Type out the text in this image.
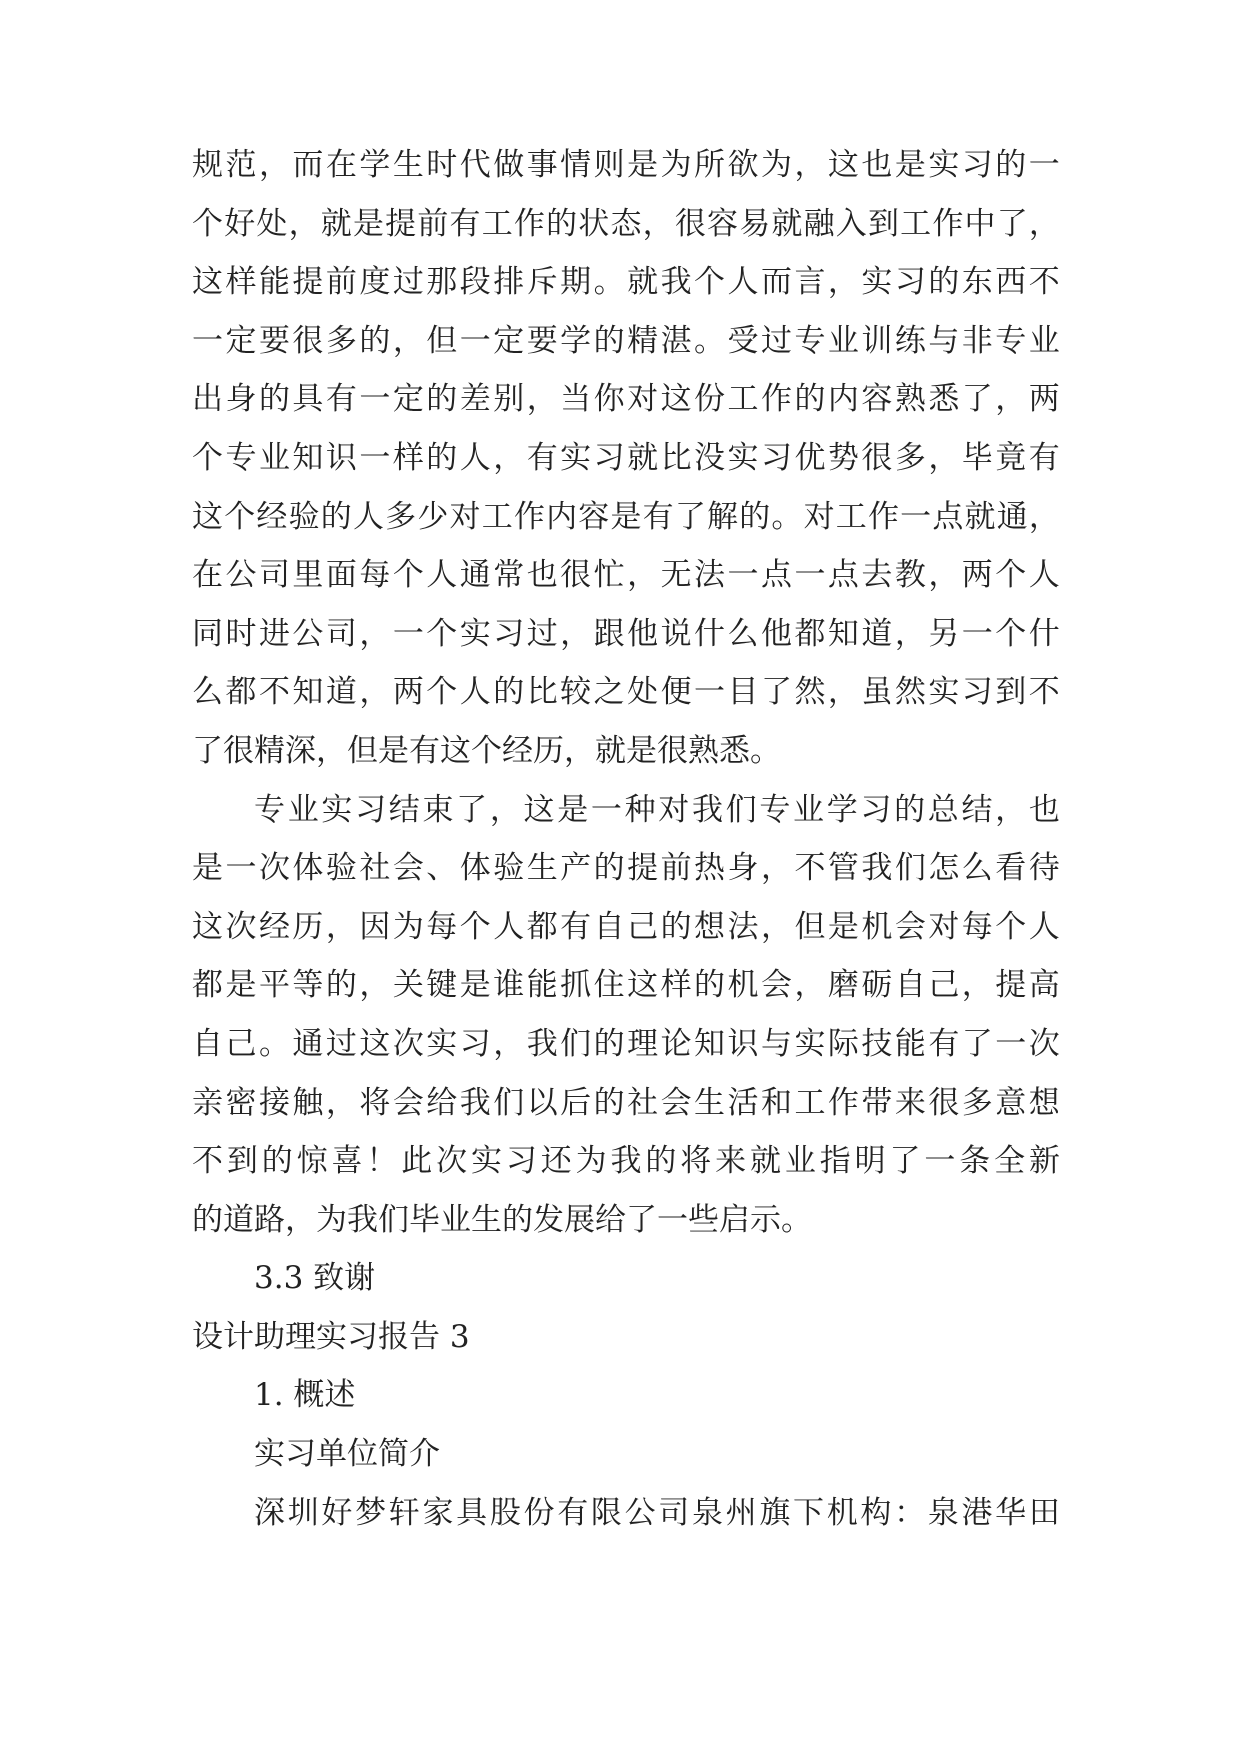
规 范 ， 而 在 学 生 时 代 做 事 情 则 是 为 所 欲 为 ， 这 也 是 实 习 的 一
个 好 处 ， 就 是 提 前 有 工 作 的 状 态 ， 很 容 易 就 融 入 到 工 作 中 了 ，
这 样 能 提 前 度 过 那 段 排 斥 期 。 就 我 个 人 而 言 ， 实 习 的 东 西 不
一 定 要 很 多 的 ， 但 一 定 要 学 的 精 湛 。 受 过 专 业 训 练 与 非 专 业
出 身 的 具 有 一 定 的 差 别 ， 当 你 对 这 份 工 作 的 内 容 熟 悉 了 ， 两
个 专 业 知 识 一 样 的 人 ， 有 实 习 就 比 没 实 习 优 势 很 多 ， 毕 竟 有
这 个 经 验 的 人 多 少 对 工 作 内 容 是 有 了 解 的 。 对 工 作 一 点 就 通 ，
在 公 司 里 面 每 个 人 通 常 也 很 忙 ， 无 法 一 点 一 点 去 教 ， 两 个 人
同 时 进 公 司 ， 一 个 实 习 过 ， 跟 他 说 什 么 他 都 知 道 ， 另 一 个 什
么 都 不 知 道 ， 两 个 人 的 比 较 之 处 便 一 目 了 然 ， 虽 然 实 习 到 不
了很精深，但是有这个经历，就是很熟悉。
专 业 实 习 结 束 了 ， 这 是 一 种 对 我 们 专 业 学 习 的 总 结 ， 也
是 一 次 体 验 社 会 、 体 验 生 产 的 提 前 热 身 ， 不 管 我 们 怎 么 看 待
这 次 经 历 ， 因 为 每 个 人 都 有 自 己 的 想 法 ， 但 是 机 会 对 每 个 人
都 是 平 等 的 ， 关 键 是 谁 能 抓 住 这 样 的 机 会 ， 磨 砺 自 己 ， 提 高
自 己 。 通 过 这 次 实 习 ， 我 们 的 理 论 知 识 与 实 际 技 能 有 了 一 次
亲 密 接 触 ， 将 会 给 我 们 以 后 的 社 会 生 活 和 工 作 带 来 很 多 意 想
不 到 的 惊 喜 ！ 此 次 实 习 还 为 我 的 将 来 就 业 指 明 了 一 条 全 新
的道路，为我们毕业生的发展给了一些启示。
3.3 致谢
设计助理实习报告 3
1. 概述
实习单位简介
深 圳 好 梦 轩 家 具 股 份 有 限 公 司 泉 州 旗 下 机 构 ： 泉 港 华 田
